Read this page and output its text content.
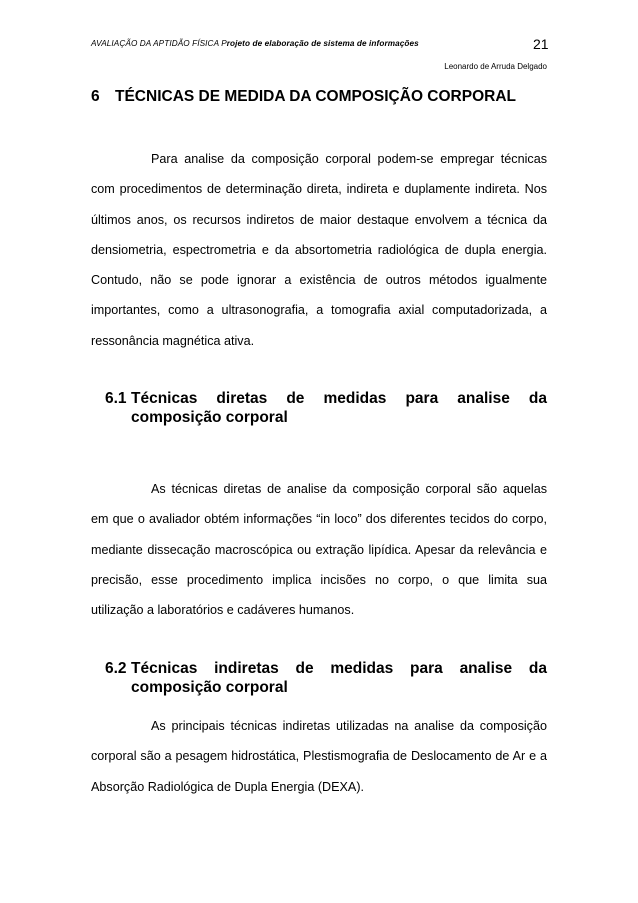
AVALIAÇÃO DA APTIDÃO FÍSICA Projeto de elaboração de sistema de informações	21
Leonardo de Arruda Delgado
6 TÉCNICAS DE MEDIDA DA COMPOSIÇÃO CORPORAL

Para analise da composição corporal podem-se empregar técnicas com procedimentos de determinação direta, indireta e duplamente indireta. Nos últimos anos, os recursos indiretos de maior destaque envolvem a técnica da densiometria, espectrometria e da absortometria radiológica de dupla energia. Contudo, não se pode ignorar a existência de outros métodos igualmente importantes, como a ultrasonografia, a tomografia axial computadorizada, a ressonância magnética ativa.

6.1 Técnicas diretas de medidas para analise da composição corporal

As técnicas diretas de analise da composição corporal são aquelas em que o avaliador obtém informações “in loco” dos diferentes tecidos do corpo, mediante dissecação macroscópica ou extração lipídica. Apesar da relevância e precisão, esse procedimento implica incisões no corpo, o que limita sua utilização a laboratórios e cadáveres humanos.

6.2 Técnicas indiretas de medidas para analise da
composição corporal

As principais técnicas indiretas utilizadas na analise da composição corporal são a pesagem hidrostática, Plestismografia de Deslocamento de Ar e a Absorção Radiológica de Dupla Energia (DEXA).
